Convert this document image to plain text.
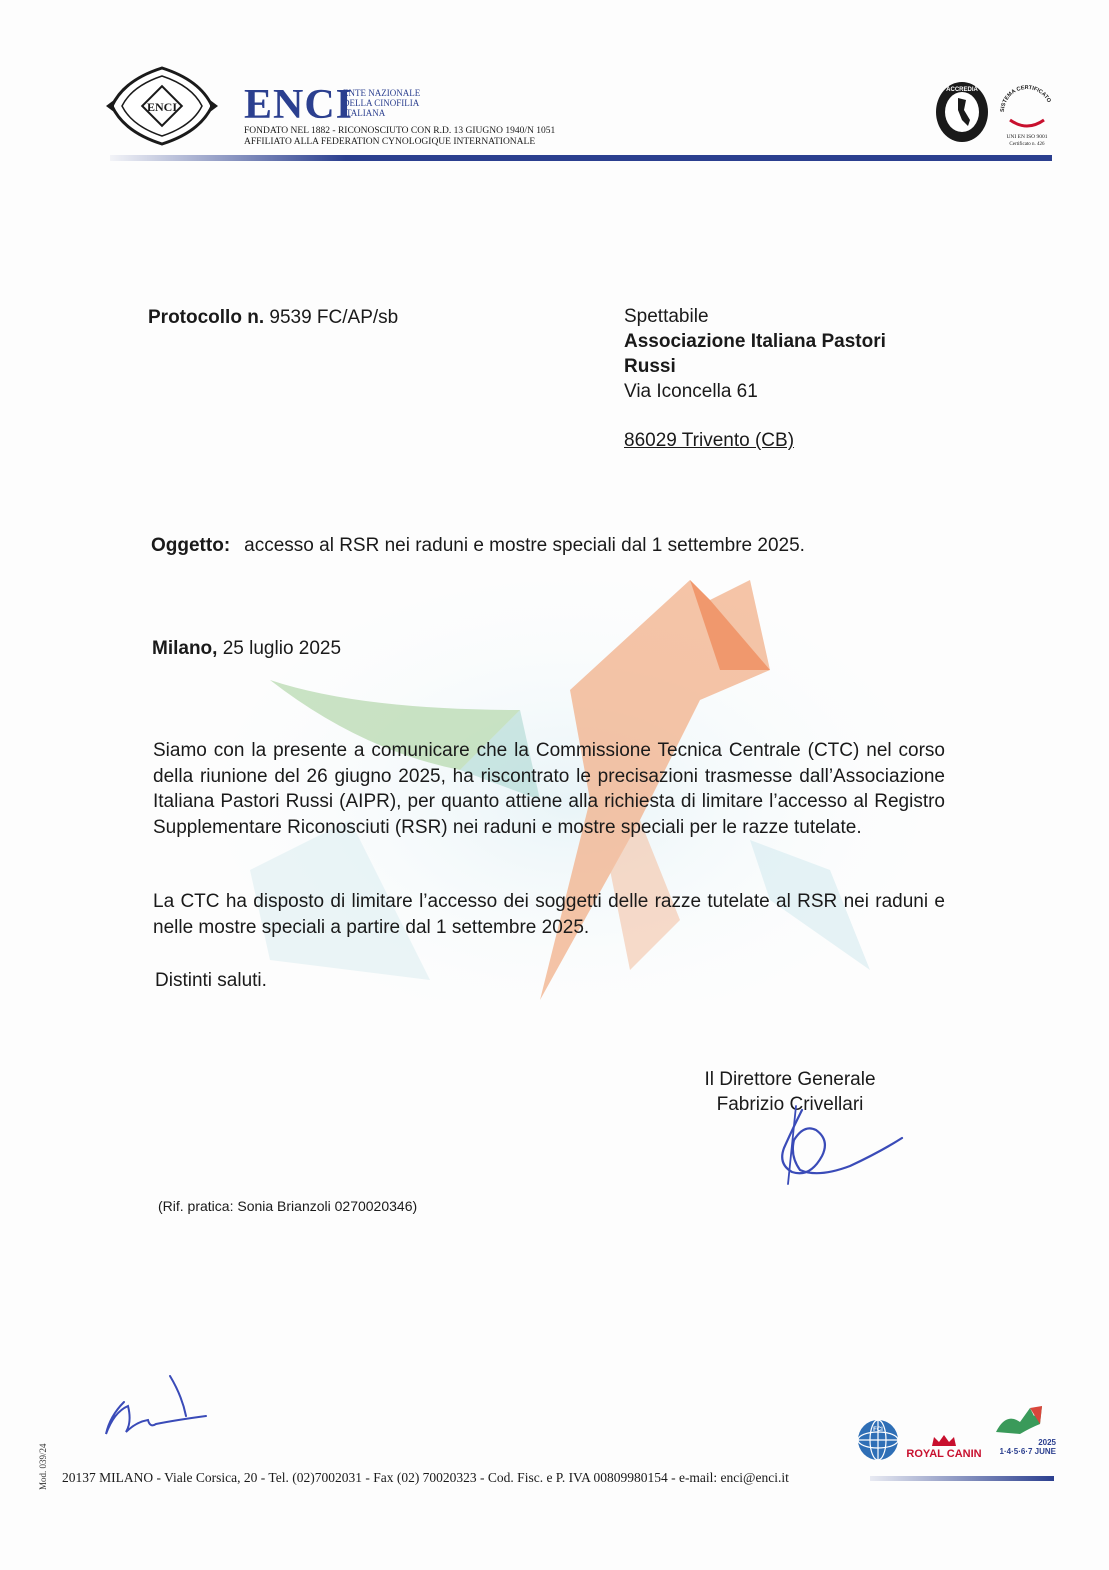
ENCI ENCI
ENTE NAZIONALE
DELLA CINOFILIA
ITALIANA
FONDATO NEL 1882 - RICONOSCIUTO CON R.D. 13 GIUGNO 1940/N 1051
AFFILIATO ALLA FEDERATION CYNOLOGIQUE INTERNATIONALE
ACCREDIA
SISTEMA CERTIFICATO
UNI EN ISO 9001
Certificato n. 426
Protocollo n. 9539 FC/AP/sb	Spettabile
Associazione Italiana Pastori
Russi
Via Iconcella 61
86029 Trivento (CB)
Oggetto: accesso al RSR nei raduni e mostre speciali dal 1 settembre 2025.
Milano, 25 luglio 2025
Siamo con la presente a comunicare che la Commissione Tecnica Centrale (CTC) nel corso della riunione del 26 giugno 2025, ha riscontrato le precisazioni trasmesse dall’Associazione Italiana Pastori Russi (AIPR), per quanto attiene alla richiesta di limitare l’accesso al Registro Supplementare Riconosciuti (RSR) nei raduni e mostre speciali per le razze tutelate.
La CTC ha disposto di limitare l’accesso dei soggetti delle razze tutelate al RSR nei raduni e nelle mostre speciali a partire dal 1 settembre 2025.
Distinti saluti.
Il Direttore Generale
Fabrizio Crivellari
(Rif. pratica: Sonia Brianzoli 0270020346)
Mod. 039/24 20137 MILANO - Viale Corsica, 20 - Tel. (02)7002031 - Fax (02) 70020323 - Cod. Fisc. e P. IVA 00809980154 - e-mail: enci@enci.it
FCI
ROYAL CANIN
2025
1·4·5·6·7 JUNE
